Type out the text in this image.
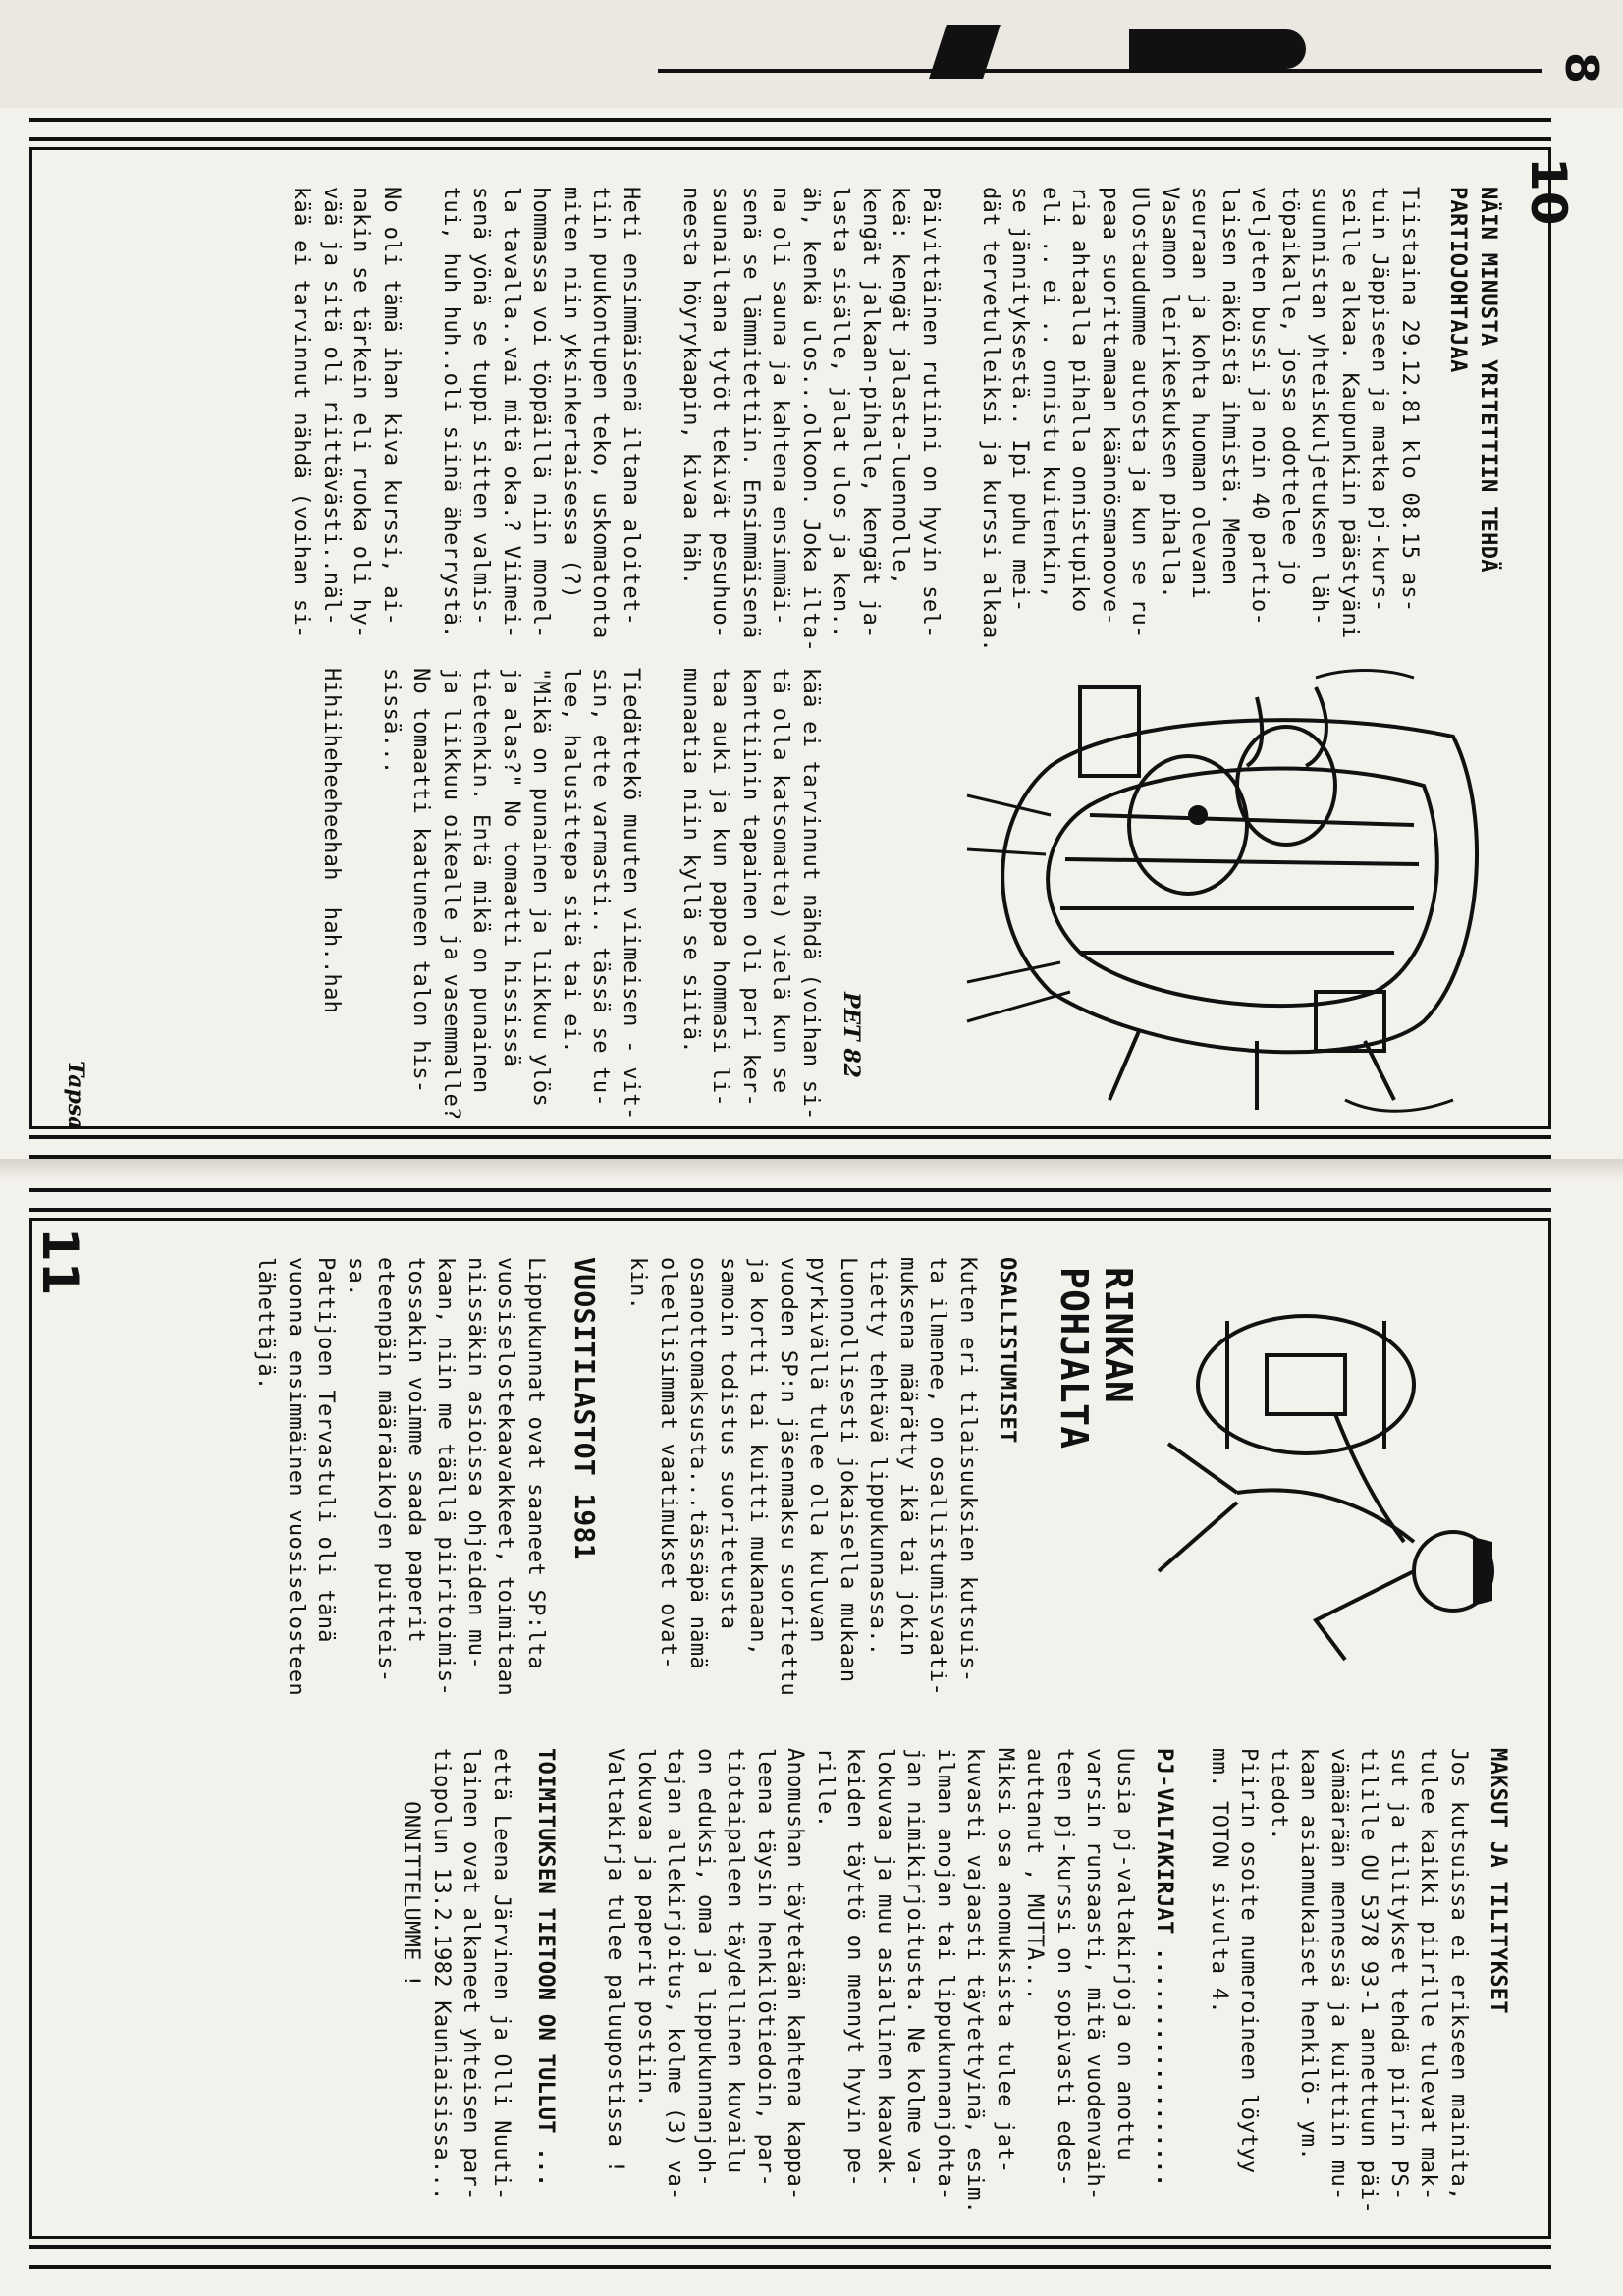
8
10
NÄIN MINUSTA YRITETTIIN TEHDÄ
PARTIOJOHTAJAA
Tiistaina 29.12.81 klo 08.15 as-
tuin Jäppiseen ja matka pj-kurs-
seille alkaa. Kaupunkiin päästyäni
suunnistan yhteiskuljetuksen läh-
töpaikalle, jossa odottelee jo
veljeten bussi ja noin 40 partio-
laisen näköistä ihmistä. Menen
seuraan ja kohta huoman olevani
Vasamon leirikeskuksen pihalla.
Ulostaudumme autosta ja kun se ru-
peaa suorittamaan käännösmanoove-
ria ahtaalla pihalla onnistupiko
eli .. ei .. onnistu kuitenkin,
se jännityksestä.. Ipi puhu mei-
dät tervetulleiksi ja kurssi alkaa.

Päivittäinen rutiini on hyvin sel-
keä: kengät jalasta-luennolle,
kengät jalkaan-pihalle, kengät ja-
lasta sisälle, jalat ulos ja ken..
äh, kenkä ulos...olkoon. Joka ilta-
na oli sauna ja kahtena ensimmäi-
senä se lämmitettiin. Ensimmäisenä
saunailtana tytöt tekivät pesuhuo-
neesta höyrykaapin, kivaa häh.

Heti ensimmäisenä iltana aloitet-
tiin puukontupen teko, uskomatonta
miten niin yksinkertaisessa (?)
hommassa voi töppäillä niin monel-
la tavalla..vai mitä oka.? Viimei-
senä yönä se tuppi sitten valmis-
tui, huh huh..oli siinä äherrystä.

No oli tämä ihan kiva kurssi, ai-
nakin se tärkein eli ruoka oli hy-
vää ja sitä oli riittävästi..näl-
kää ei tarvinnut nähdä (voihan si-
PET 82
kää ei tarvinnut nähdä (voihan si-
tä olla katsomatta) vielä kun se
kanttiinin tapainen oli pari ker-
taa auki ja kun pappa hommasi li-
munaatia niin kyllä se siitä.

Tiedättekö muuten viimeisen - vit-
sin, ette varmasti.. tässä se tu-
lee, halusittepa sitä tai ei.
"Mikä on punainen ja liikkuu ylös
ja alas?" No tomaatti hississä
tietenkin. Entä mikä on punainen
ja liikkuu oikealle ja vasemmalle?
No tomaatti kaatuneen talon his-
sissä...

Hihiiheheeheehah  hah..hah
Tapsa
11
RINKAN
POHJALTA
OSALLISTUMISET
Kuten eri tilaisuuksien kutsuis-
ta ilmenee, on osallistumisvaati-
muksena määrätty ikä tai jokin
tietty tehtävä lippukunnassa..
Luonnollisesti jokaisella mukaan
pyrkivällä tulee olla kuluvan
vuoden SP:n jäsenmaksu suoritettu
ja kortti tai kuitti mukanaan,
samoin todistus suoritetusta
osanottomaksusta...tässäpä nämä
oleellisimmat vaatimukset ovat-
kin.
VUOSITILASTOT 1981
Lippukunnat ovat saaneet SP:lta
vuosiselostekaavakkeet, toimitaan
niissäkin asioissa ohjeiden mu-
kaan, niin me täällä piiritoimis-
tossakin voimme saada paperit
eteenpäin määräaikojen puitteis-
sa.
Pattijoen Tervastuli oli tänä
vuonna ensimmäinen vuosiselosteen
lähettäjä.
MAKSUT JA TILITYKSET
Jos kutsuissa ei erikseen mainita,
tulee kaikki piirille tulevat mak-
sut ja tilitykset tehdä piirin PS-
tilille OU 5378 93-1 annettuun päi-
vämäärään mennessä ja kuittiin mu-
kaan asianmukaiset henkilö- ym.
tiedot.
Piirin osoite numeroineen löytyy
mm. TOTON sivulta 4.
PJ-VALTAKIRJAT ..................
Uusia pj-valtakirjoja on anottu
varsin runsaasti, mitä vuodenvaih-
teen pj-kurssi on sopivasti edes-
auttanut , MUTTA...
Miksi osa anomuksista tulee jat-
kuvasti vajaasti täytettyinä, esim.
ilman anojan tai lippukunnanjohta-
jan nimikirjoitusta. Ne kolme va-
lokuvaa ja muu asiallinen kaavak-
keiden täyttö on mennyt hyvin pe-
rille.
Anomushan täytetään kahtena kappa-
leena täysin henkilötiedoin, par-
tiotaipaleen täydellinen kuvailu
on eduksi, oma ja lippukunnanjoh-
tajan allekirjoitus, kolme (3) va-
lokuvaa ja paperit postiin.
Valtakirja tulee paluupostissa !
TOIMITUKSEN TIETOON ON TULLUT ...
että Leena Järvinen ja Olli Nuuti-
lainen ovat alkaneet yhteisen par-
tiopolun 13.2.1982 Kauniaisissa...
ONNITTELUMME !
